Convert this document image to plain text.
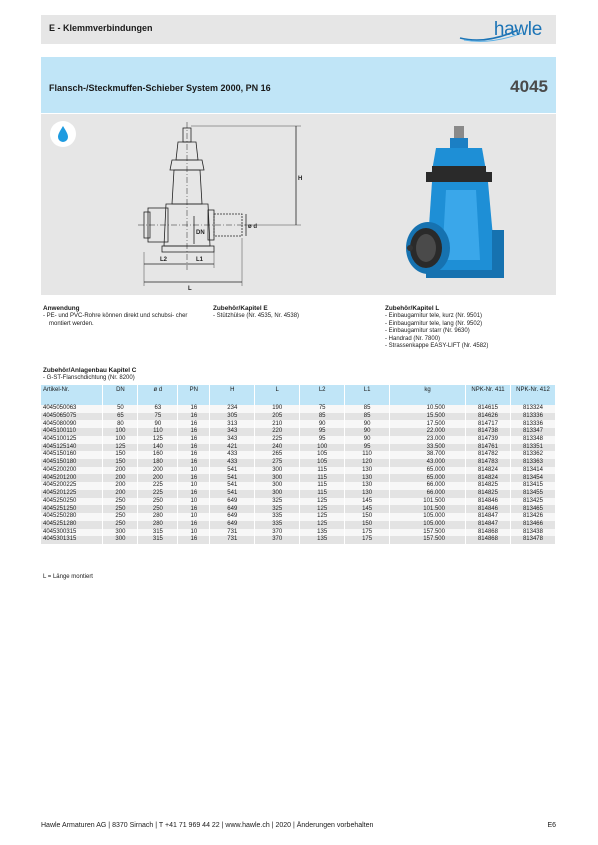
E - Klemmverbindungen	hawle
Flansch-/Steckmuffen-Schieber System 2000, PN 16	4045
H
DN
ø d
L2	L1
L
Anwendung
- PE- und PVC-Rohre können direkt und schubsi- cher montiert werden.
Zubehör/Kapitel E
- Stützhülse (Nr. 4535, Nr. 4538)
Zubehör/Kapitel L
- Einbaugarnitur tele, kurz (Nr. 9501)
- Einbaugarnitur tele, lang (Nr. 9502)
- Einbaugarnitur starr (Nr. 9630)
- Handrad (Nr. 7800)
- Strassenkappe EASY-LIFT (Nr. 4582)
Zubehör/Anlagenbau Kapitel C
- G-ST-Flanschdichtung (Nr. 8200)
Artikel-Nr.	DN	ø d	PN	H	L	L2	L1	kg	NPK-Nr. 411	NPK-Nr. 412
4045050063	50	63	16	234	190	75	85	10.500	814615	813324
4045065075	65	75	16	305	205	85	85	15.500	814626	813336
4045080090	80	90	16	313	210	90	90	17.500	814717	813336
4045100110	100	110	16	343	220	95	90	22.000	814738	813347
4045100125	100	125	16	343	225	95	90	23.000	814739	813348
4045125140	125	140	16	421	240	100	95	33.500	814761	813351
4045150160	150	160	16	433	265	105	110	38.700	814782	813362
4045150180	150	180	16	433	275	105	120	43.000	814783	813363
4045200200	200	200	10	541	300	115	130	65.000	814824	813414
4045201200	200	200	16	541	300	115	130	65.000	814824	813454
4045200225	200	225	10	541	300	115	130	66.000	814825	813415
4045201225	200	225	16	541	300	115	130	66.000	814825	813455
4045250250	250	250	10	649	325	125	145	101.500	814846	813425
4045251250	250	250	16	649	325	125	145	101.500	814846	813465
4045250280	250	280	10	649	335	125	150	105.000	814847	813426
4045251280	250	280	16	649	335	125	150	105.000	814847	813466
4045300315	300	315	10	731	370	135	175	157.500	814868	813438
4045301315	300	315	16	731	370	135	175	157.500	814868	813478
L = Länge montiert
Hawle Armaturen AG | 8370 Sirnach | T +41 71 969 44 22 | www.hawle.ch | 2020 | Änderungen vorbehalten	E6
